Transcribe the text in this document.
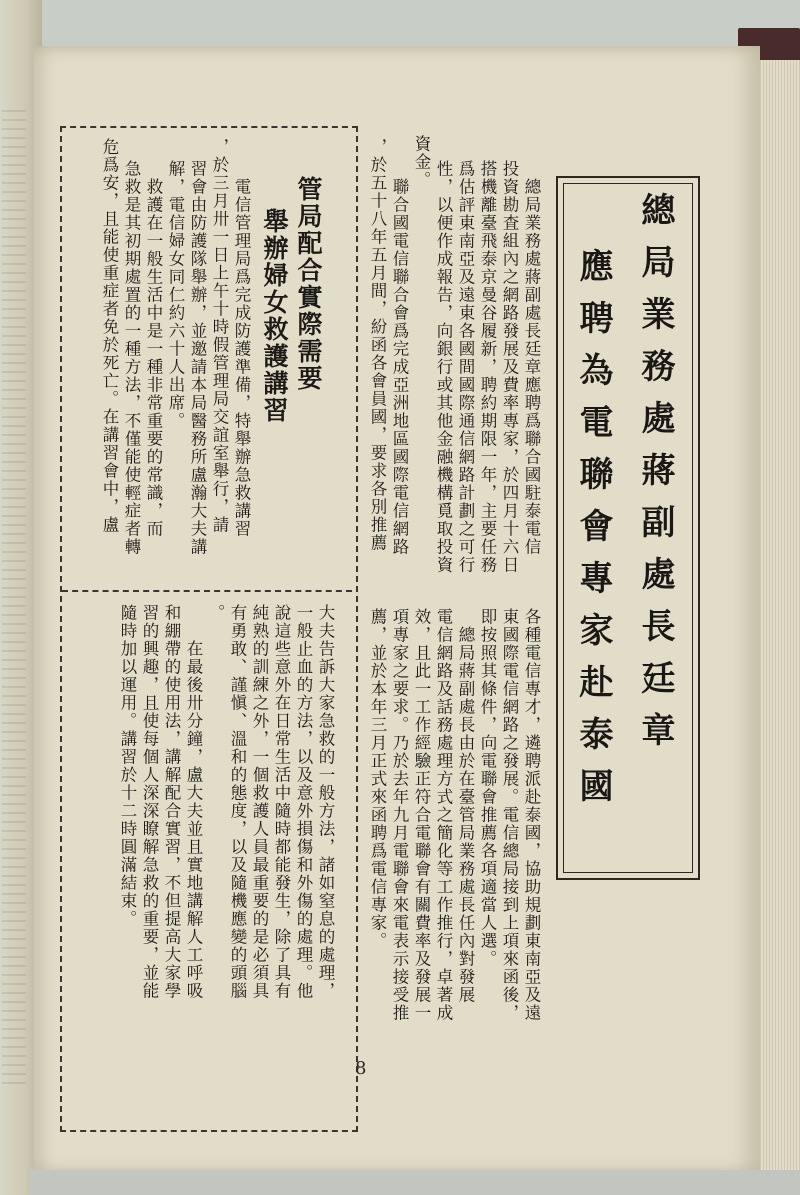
總局業務處蔣副處長廷章
應聘為電聯會專家赴泰國
　總局業務處蔣副處長廷章應聘爲聯合國駐泰電信
投資勘査組內之網路發展及費率專家，於四月十六日
搭機離臺飛泰京曼谷履新，聘約期限一年，主要任務
爲估評東南亞及遠東各國間國際通信網路計劃之可行
性，以便作成報告，向銀行或其他金融機構覓取投資
資金。
　聯合國電信聯合會爲完成亞洲地區國際電信網路
，於五十八年五月間，紛函各會員國，要求各別推薦
各種電信專才，遴聘派赴泰國，協助規劃東南亞及遠
東國際電信網路之發展。電信總局接到上項來函後，
即按照其條件，向電聯會推薦各項適當人選。
　總局蔣副處長由於在臺管局業務處長任內對發展
電信網路及話務處理方式之簡化等工作推行，卓著成
效，且此一工作經驗正符合電聯會有關費率及發展一
項專家之要求。乃於去年九月電聯會來電表示接受推
薦，並於本年三月正式來函聘爲電信專家。
管局配合實際需要
舉辦婦女救護講習
　電信管理局爲完成防護準備，特舉辦急救講習
，於三月卅一日上午十時假管理局交誼室舉行，請
習會由防護隊舉辦，並邀請本局醫務所盧瀚大夫講
解，電信婦女同仁約六十人出席。
　救護在一般生活中是一種非常重要的常識，而
急救是其初期處置的一種方法，不僅能使輕症者轉
危爲安，且能使重症者免於死亡。在講習會中，盧
大夫告訴大家急救的一般方法，諸如窒息的處理，
一般止血的方法，以及意外損傷和外傷的處理。他
說這些意外在日常生活中隨時都能發生，除了具有
純熟的訓練之外，一個救護人員最重要的是必須具
有勇敢、謹愼、溫和的態度，以及隨機應變的頭腦
。
　在最後卅分鐘，盧大夫並且實地講解人工呼吸
和綳帶的使用法，講解配合實習，不但提高大家學
習的興趣，且使每個人深深瞭解急救的重要，並能
隨時加以運用。講習於十二時圓滿結束。
8
